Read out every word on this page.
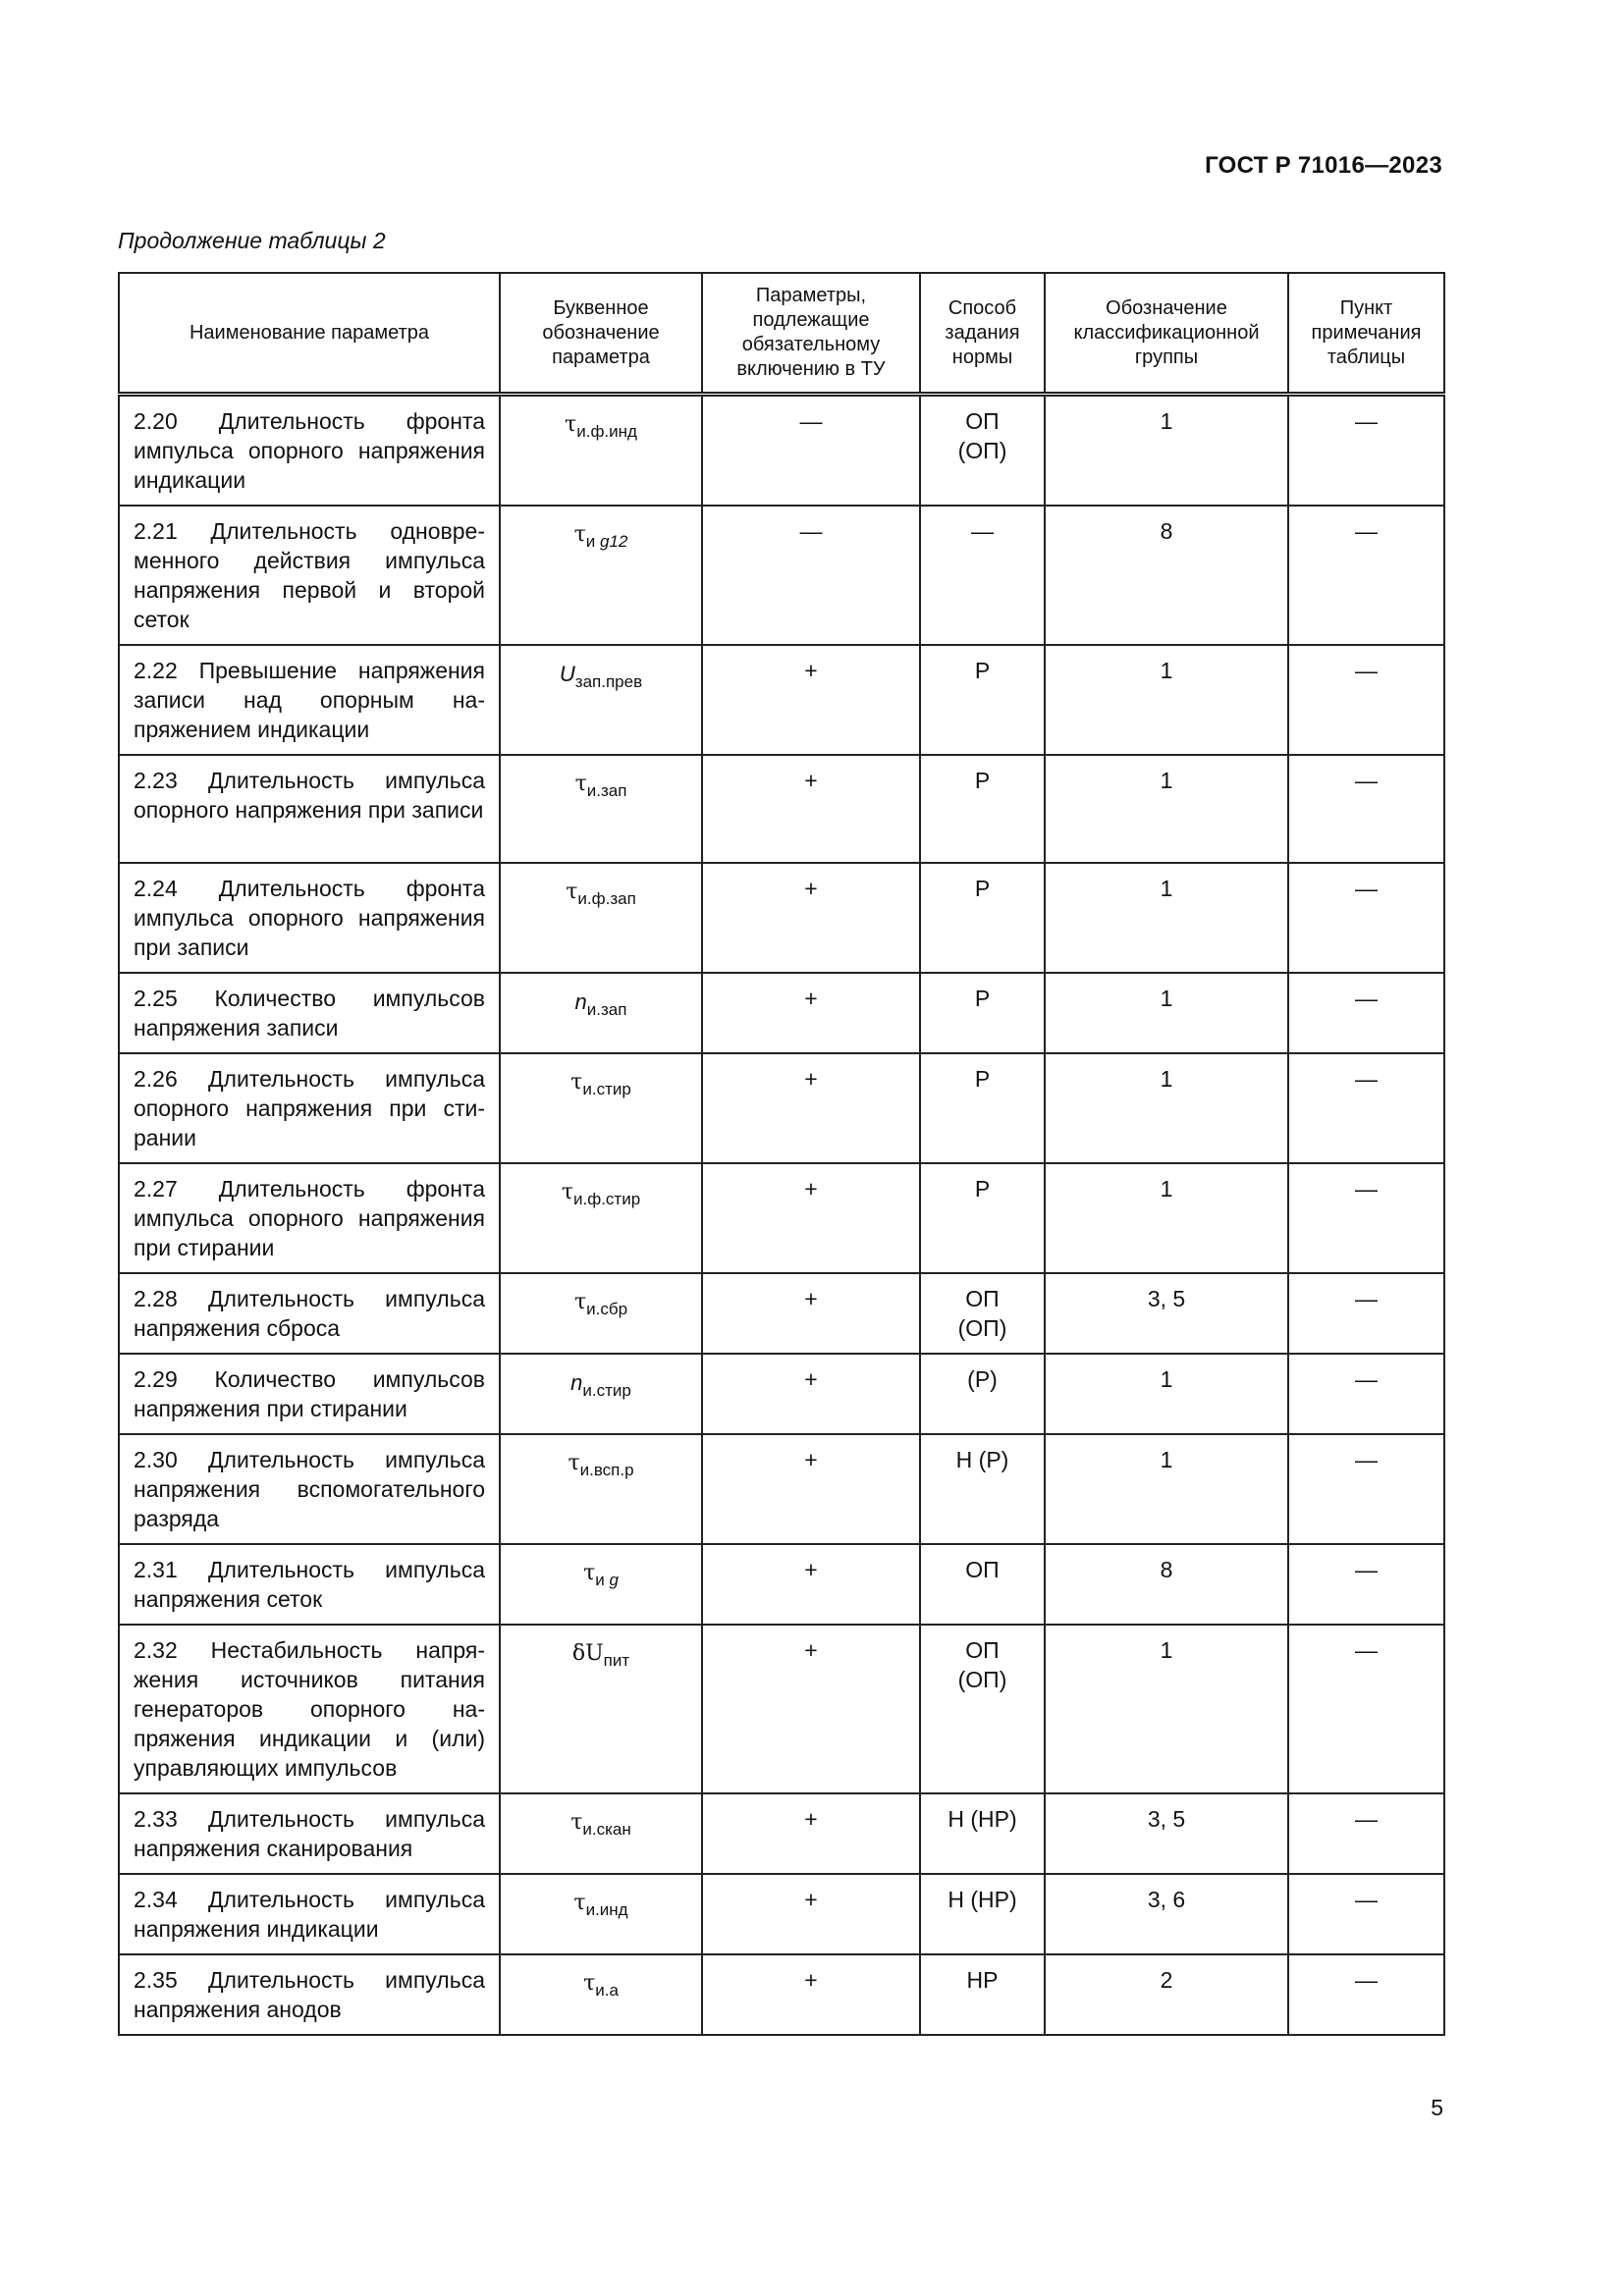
ГОСТ Р 71016—2023
Продолжение таблицы 2
Наименование параметра	Буквенное обозначение параметра	Параметры, подлежащие обязательному включению в ТУ	Способ задания нормы	Обозначение классификационной группы	Пункт примечания таблицы
2.20 Длительность фронта импульса опорного напряжения индикации	$\tau_{и.ф.инд}$	—	ОП (ОП)	1	—
2.21 Длительность одновременного действия импульса напряжения первой и второй сеток	$\tau_{и g12}$	—	—	8	—
2.22 Превышение напряжения записи над опорным напряжением индикации	$U_{зап.прев}$	+	Р	1	—
2.23 Длительность импульса опорного напряжения при записи	$\tau_{и.зап}$	+	Р	1	—
2.24 Длительность фронта импульса опорного напряжения при записи	$\tau_{и.ф.зап}$	+	Р	1	—
2.25 Количество импульсов напряжения записи	$n_{и.зап}$	+	Р	1	—
2.26 Длительность импульса опорного напряжения при стирании	$\tau_{и.стир}$	+	Р	1	—
2.27 Длительность фронта импульса опорного напряжения при стирании	$\tau_{и.ф.стир}$	+	Р	1	—
2.28 Длительность импульса напряжения сброса	$\tau_{и.сбр}$	+	ОП (ОП)	3, 5	—
2.29 Количество импульсов напряжения при стирании	$n_{и.стир}$	+	(Р)	1	—
2.30 Длительность импульса напряжения вспомогательного разряда	$\tau_{и.всп.р}$	+	Н (Р)	1	—
2.31 Длительность импульса напряжения сеток	$\tau_{и g}$	+	ОП	8	—
2.32 Нестабильность напряжения источников питания генераторов опорного напряжения индикации и (или) управляющих импульсов	$\delta U_{пит}$	+	ОП (ОП)	1	—
2.33 Длительность импульса напряжения сканирования	$\tau_{и.скан}$	+	Н (НР)	3, 5	—
2.34 Длительность импульса напряжения индикации	$\tau_{и.инд}$	+	Н (НР)	3, 6	—
2.35 Длительность импульса напряжения анодов	$\tau_{и.а}$	+	НР	2	—
5
